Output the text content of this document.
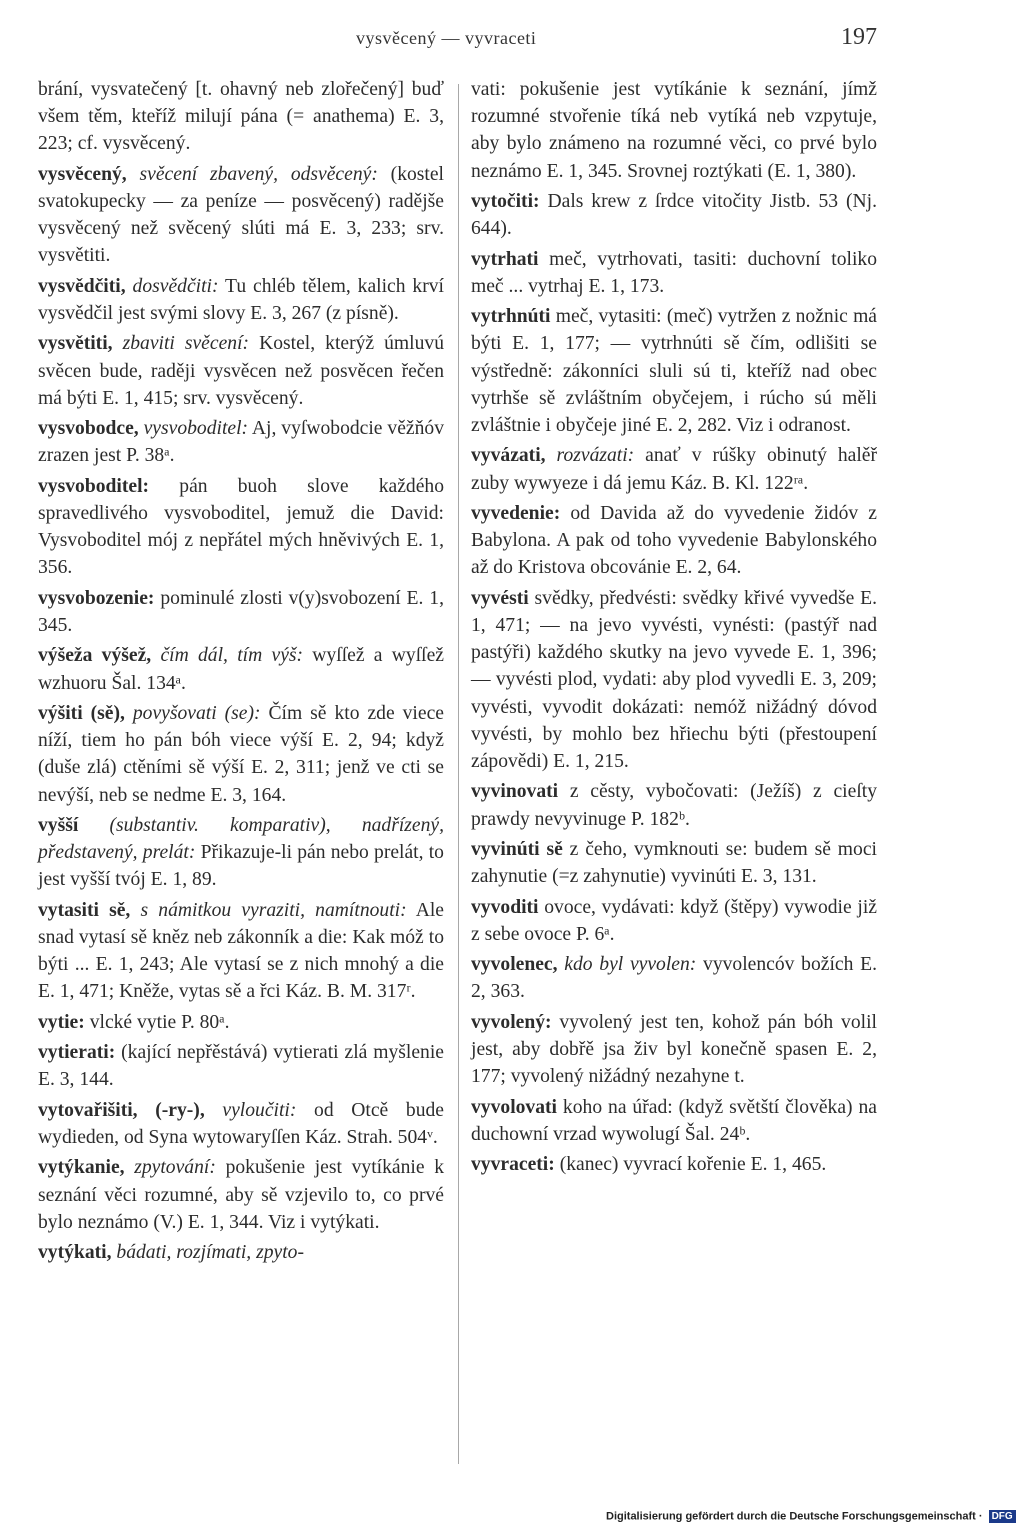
vysvěcený — vyvraceti	197

brání, vysvatečený [t. ohavný neb zlořečený] buď všem těm, kteříž milují pána (= anathema) E. 3, 223; cf. vysvěcený.

vysvěcený, svěcení zbavený, odsvěcený: (kostel svatokupecky — za peníze — posvěcený) radějše vysvěcený než svěcený slúti má E. 3, 233; srv. vysvětiti.

vysvědčiti, dosvědčiti: Tu chléb tělem, kalich krví vysvědčil jest svými slovy E. 3, 267 (z písně).

vysvětiti, zbaviti svěcení: Kostel, kterýž úmluvú svěcen bude, raději vysvěcen než posvěcen řečen má býti E. 1, 415; srv. vysvěcený.

vysvobodce, vysvoboditel: Aj, vyſwobodcie věžňóv zrazen jest P. 38ᵃ.

vysvoboditel: pán buoh slove každého spravedlivého vysvoboditel, jemuž die David: Vysvoboditel mój z nepřátel mých hněvivých E. 1, 356.

vysvobozenie: pominulé zlosti v(y)svobození E. 1, 345.

výšeža výšež, čím dál, tím výš: wyſſež a wyſſež wzhuoru Šal. 134ᵃ.

výšiti (sě), povyšovati (se): Čím sě kto zde viece níží, tiem ho pán bóh viece výší E. 2, 94; když (duše zlá) ctěními sě výší E. 2, 311; jenž ve cti se nevýší, neb se nedme E. 3, 164.

vyšší (substantiv. komparativ), nadřízený, představený, prelát: Přikazuje-li pán nebo prelát, to jest vyšší tvój E. 1, 89.

vytasiti sě, s námitkou vyraziti, namítnouti: Ale snad vytasí sě kněz neb zákonník a die: Kak móž to býti ... E. 1, 243; Ale vytasí se z nich mnohý a die E. 1, 471; Kněže, vytas sě a řci Káz. B. M. 317ʳ.

vytie: vlcké vytie P. 80ᵃ.

vytierati: (kající nepřěstává) vytierati zlá myšlenie E. 3, 144.

vytovařišiti, (-ry-), vyloučiti: od Otcě bude wydieden, od Syna wytowaryſſen Káz. Strah. 504ᵛ.

vytýkanie, zpytování: pokušenie jest vytíkánie k seznání věci rozumné, aby sě vzjevilo to, co prvé bylo neznámo (V.) E. 1, 344. Viz i vytýkati.

vytýkati, bádati, rozjímati, zpyto-

vati: pokušenie jest vytíkánie k seznání, jímž rozumné stvořenie tíká neb vytíká neb vzpytuje, aby bylo známeno na rozumné věci, co prvé bylo neznámo E. 1, 345. Srovnej roztýkati (E. 1, 380).

vytočiti: Dals krew z ſrdce vitočity Jistb. 53 (Nj. 644).

vytrhati meč, vytrhovati, tasiti: duchovní toliko meč ... vytrhaj E. 1, 173.

vytrhnúti meč, vytasiti: (meč) vytržen z nožnic má býti E. 1, 177; — vytrhnúti sě čím, odlišiti se výstředně: zákonníci sluli sú ti, kteříž nad obec vytrhše sě zvláštním obyčejem, i rúcho sú měli zvláštnie i obyčeje jiné E. 2, 282. Viz i odranost.

vyvázati, rozvázati: anať v rúšky obinutý halěř zuby wywyeze i dá jemu Káz. B. Kl. 122ʳᵃ.

vyvedenie: od Davida až do vyvedenie židóv z Babylona. A pak od toho vyvedenie Babylonského až do Kristova obcovánie E. 2, 64.

vyvésti svědky, předvésti: svědky křivé vyvedše E. 1, 471; — na jevo vyvésti, vynésti: (pastýř nad pastýři) každého skutky na jevo vyvede E. 1, 396; — vyvésti plod, vydati: aby plod vyvedli E. 3, 209; vyvésti, vyvodit dokázati: nemóž nižádný dóvod vyvésti, by mohlo bez hřiechu býti (přestoupení zápovědi) E. 1, 215.

vyvinovati z cěsty, vybočovati: (Ježíš) z cieſty prawdy nevyvinuge P. 182ᵇ.

vyvinúti sě z čeho, vymknouti se: budem sě moci zahynutie (=z zahynutie) vyvinúti E. 3, 131.

vyvoditi ovoce, vydávati: když (štěpy) vywodie již z sebe ovoce P. 6ᵃ.

vyvolenec, kdo byl vyvolen: vyvolencóv božích E. 2, 363.

vyvolený: vyvolený jest ten, kohož pán bóh volil jest, aby dobřě jsa živ byl konečně spasen E. 2, 177; vyvolený nižádný nezahyne t.

vyvolovati koho na úřad: (když světští člověka) na duchowní vrzad wywolugí Šal. 24ᵇ.

vyvraceti: (kanec) vyvrací kořenie E. 1, 465.

Digitalisierung gefördert durch die Deutsche Forschungsgemeinschaft · DFG
